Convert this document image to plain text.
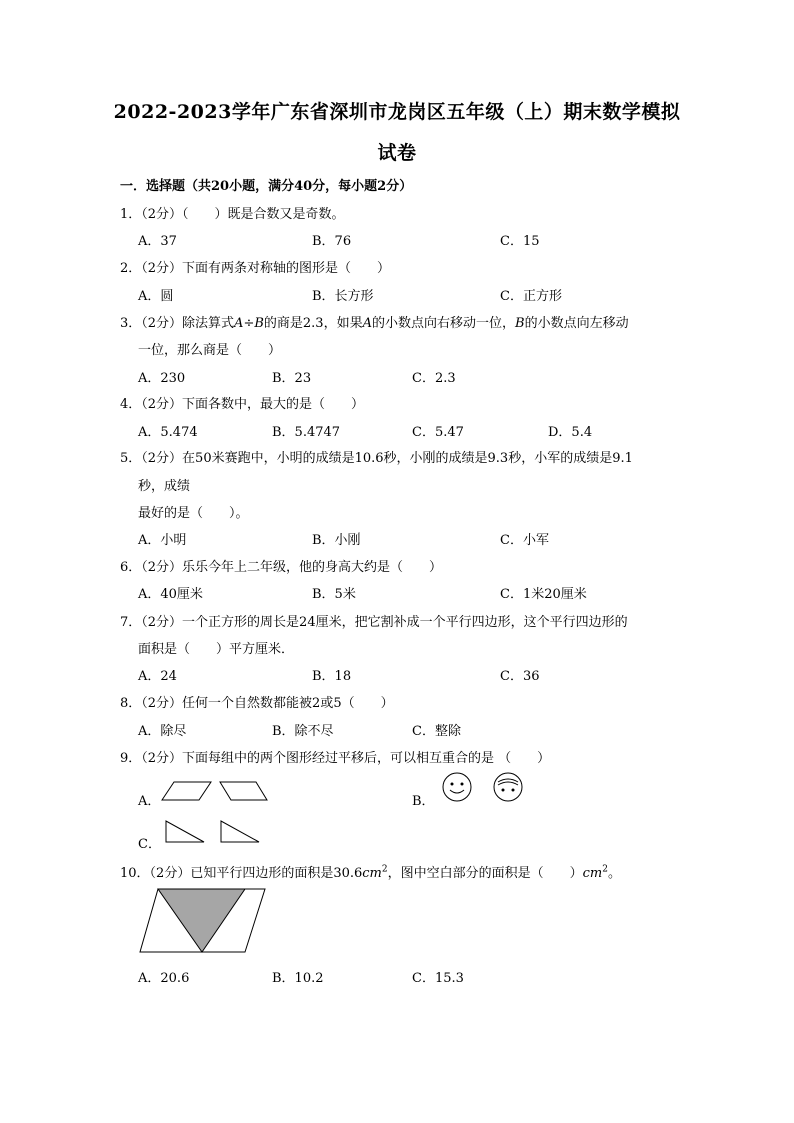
2022-2023学年广东省深圳市龙岗区五年级（上）期末数学模拟
试卷
一．选择题（共20小题，满分40分，每小题2分）
1．（2分）（　　）既是合数又是奇数。
A．37	B．76	C．15
2．（2分）下面有两条对称轴的图形是（　　）
A．圆	B．长方形	C．正方形
3．（2分）除法算式A÷B的商是2.3，如果A的小数点向右移动一位，B的小数点向左移动
一位，那么商是（　　）
A．230	B．23	C．2.3
4．（2分）下面各数中，最大的是（　　）
A．5.474	B．5.4747	C．5.47	D．5.4
5．（2分）在50米赛跑中，小明的成绩是10.6秒，小刚的成绩是9.3秒，小军的成绩是9.1
秒，成绩
最好的是（　　）。
A．小明	B．小刚	C．小军
6．（2分）乐乐今年上二年级，他的身高大约是（　　）
A．40厘米	B．5米	C．1米20厘米
7．（2分）一个正方形的周长是24厘米，把它割补成一个平行四边形，这个平行四边形的
面积是（　　）平方厘米．
A．24	B．18	C．36
8．（2分）任何一个自然数都能被2或5（　　）
A．除尽	B．除不尽	C．整除
9．（2分）下面每组中的两个图形经过平移后，可以相互重合的是 （　　）
A．	B．
C．
10．（2分）已知平行四边形的面积是$30.6cm^2$，图中空白部分的面积是（　　）$cm^2$。
A．20.6	B．10.2	C．15.3
